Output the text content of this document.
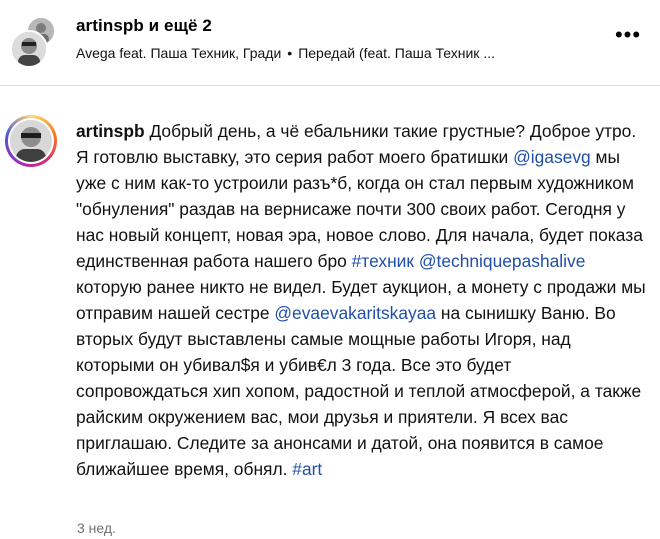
artinspb и ещё 2
Avega feat. Паша Техник, Гради • Передай (feat. Паша Техник ...
•••
artinspb Добрый день, а чё ебальники такие грустные? Доброе утро. Я готовлю выставку, это серия работ моего братишки @igasevg мы уже с ним как-то устроили разъ*б, когда он стал первым художником "обнуления" раздав на вернисаже почти 300 своих работ. Сегодня у нас новый концепт, новая эра, новое слово. Для начала, будет показа единственная работа нашего бро #техник @techniquepashalive которую ранее никто не видел. Будет аукцион, а монету с продажи мы отправим нашей сестре @evaevakaritskayaa на сынишку Ваню. Во вторых будут выставлены самые мощные работы Игоря, над которыми он убивал$я и убив€л 3 года. Все это будет сопровождаться хип хопом, радостной и теплой атмосферой, а также райским окружением вас, мои друзья и приятели. Я всех вас приглашаю. Следите за анонсами и датой, она появится в самое ближайшее время, обнял. #art
3 нед.
